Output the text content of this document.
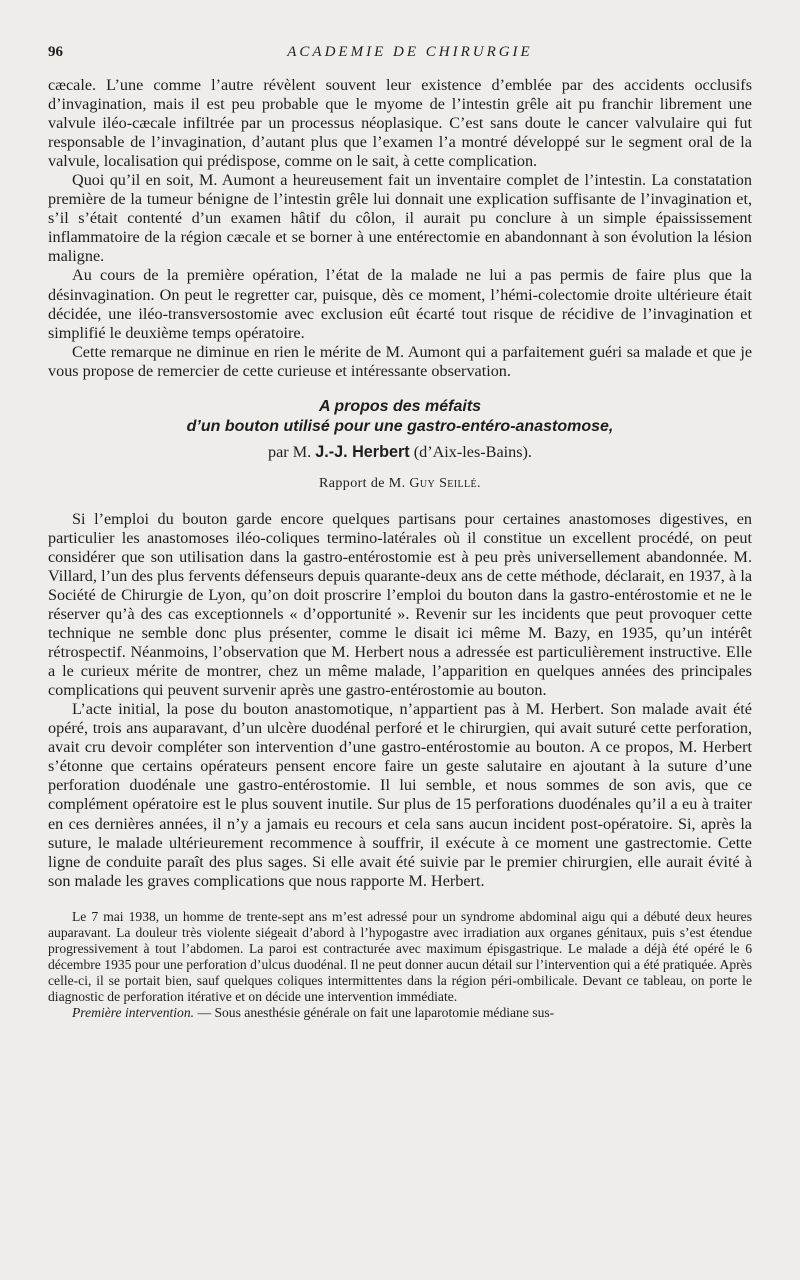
96	ACADEMIE DE CHIRURGIE

cæcale. L’une comme l’autre révèlent souvent leur existence d’emblée par des accidents occlusifs d’invagination, mais il est peu probable que le myome de l’intestin grêle ait pu franchir librement une valvule iléo-cæcale infiltrée par un processus néoplasique. C’est sans doute le cancer valvulaire qui fut responsable de l’invagination, d’autant plus que l’examen l’a montré développé sur le segment oral de la valvule, localisation qui prédispose, comme on le sait, à cette complication.

Quoi qu’il en soit, M. Aumont a heureusement fait un inventaire complet de l’intestin. La constatation première de la tumeur bénigne de l’intestin grêle lui donnait une explication suffisante de l’invagination et, s’il s’était contenté d’un examen hâtif du côlon, il aurait pu conclure à un simple épaississement inflammatoire de la région cæcale et se borner à une entérectomie en abandonnant à son évolution la lésion maligne.

Au cours de la première opération, l’état de la malade ne lui a pas permis de faire plus que la désinvagination. On peut le regretter car, puisque, dès ce moment, l’hémi-colectomie droite ultérieure était décidée, une iléo-transversostomie avec exclusion eût écarté tout risque de récidive de l’invagination et simplifié le deuxième temps opératoire.

Cette remarque ne diminue en rien le mérite de M. Aumont qui a parfaitement guéri sa malade et que je vous propose de remercier de cette curieuse et intéressante observation.

A propos des méfaits
d’un bouton utilisé pour une gastro-entéro-anastomose,
par M. J.-J. Herbert (d’Aix-les-Bains).
Rapport de M. Guy Seillé.

Si l’emploi du bouton garde encore quelques partisans pour certaines anastomoses digestives, en particulier les anastomoses iléo-coliques termino-latérales où il constitue un excellent procédé, on peut considérer que son utilisation dans la gastro-entérostomie est à peu près universellement abandonnée. M. Villard, l’un des plus fervents défenseurs depuis quarante-deux ans de cette méthode, déclarait, en 1937, à la Société de Chirurgie de Lyon, qu’on doit proscrire l’emploi du bouton dans la gastro-entérostomie et ne le réserver qu’à des cas exceptionnels « d’opportunité ». Revenir sur les incidents que peut provoquer cette technique ne semble donc plus présenter, comme le disait ici même M. Bazy, en 1935, qu’un intérêt rétrospectif. Néanmoins, l’observation que M. Herbert nous a adressée est particulièrement instructive. Elle a le curieux mérite de montrer, chez un même malade, l’apparition en quelques années des principales complications qui peuvent survenir après une gastro-entérostomie au bouton.

L’acte initial, la pose du bouton anastomotique, n’appartient pas à M. Herbert. Son malade avait été opéré, trois ans auparavant, d’un ulcère duodénal perforé et le chirurgien, qui avait suturé cette perforation, avait cru devoir compléter son intervention d’une gastro-entérostomie au bouton. A ce propos, M. Herbert s’étonne que certains opérateurs pensent encore faire un geste salutaire en ajoutant à la suture d’une perforation duodénale une gastro-entérostomie. Il lui semble, et nous sommes de son avis, que ce complément opératoire est le plus souvent inutile. Sur plus de 15 perforations duodénales qu’il a eu à traiter en ces dernières années, il n’y a jamais eu recours et cela sans aucun incident post-opératoire. Si, après la suture, le malade ultérieurement recommence à souffrir, il exécute à ce moment une gastrectomie. Cette ligne de conduite paraît des plus sages. Si elle avait été suivie par le premier chirurgien, elle aurait évité à son malade les graves complications que nous rapporte M. Herbert.

Le 7 mai 1938, un homme de trente-sept ans m’est adressé pour un syndrome abdominal aigu qui a débuté deux heures auparavant. La douleur très violente siégeait d’abord à l’hypogastre avec irradiation aux organes génitaux, puis s’est étendue progressivement à tout l’abdomen. La paroi est contracturée avec maximum épisgastrique. Le malade a déjà été opéré le 6 décembre 1935 pour une perforation d’ulcus duodénal. Il ne peut donner aucun détail sur l’intervention qui a été pratiquée. Après celle-ci, il se portait bien, sauf quelques coliques intermittentes dans la région péri-ombilicale. Devant ce tableau, on porte le diagnostic de perforation itérative et on décide une intervention immédiate.

Première intervention. — Sous anesthésie générale on fait une laparotomie médiane sus-
